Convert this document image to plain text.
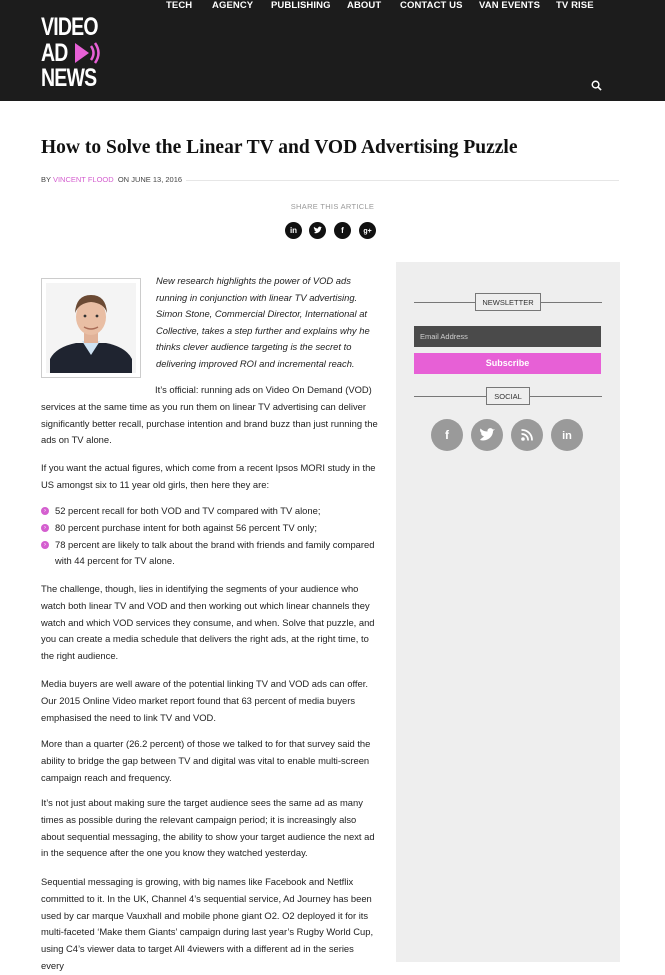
VIDEO
AD
NEWS
TECH AGENCY PUBLISHING ABOUT CONTACT US VAN EVENTS TV RISE
How to Solve the Linear TV and VOD Advertising Puzzle
BY VINCENT FLOOD ON JUNE 13, 2016
SHARE THIS ARTICLE
in	f	g+
New research highlights the power of VOD ads running in conjunction with linear TV advertising. Simon Stone, Commercial Director, International at Collective, takes a step further and explains why he thinks clever audience targeting is the secret to delivering improved ROI and incremental reach.
It’s official: running ads on Video On Demand (VOD) services at the same time as you run them on linear TV advertising can deliver significantly better recall, purchase intention and brand buzz than just running the ads on TV alone.
If you want the actual figures, which come from a recent Ipsos MORI study in the US amongst six to 11 year old girls, then here they are:
› 52 percent recall for both VOD and TV compared with TV alone;
› 80 percent purchase intent for both against 56 percent TV only;
› 78 percent are likely to talk about the brand with friends and family compared with 44 percent for TV alone.
The challenge, though, lies in identifying the segments of your audience who watch both linear TV and VOD and then working out which linear channels they watch and which VOD services they consume, and when. Solve that puzzle, and you can create a media schedule that delivers the right ads, at the right time, to the right audience.
Media buyers are well aware of the potential linking TV and VOD ads can offer. Our 2015 Online Video market report found that 63 percent of media buyers emphasised the need to link TV and VOD.
More than a quarter (26.2 percent) of those we talked to for that survey said the ability to bridge the gap between TV and digital was vital to enable multi-screen campaign reach and frequency.
It’s not just about making sure the target audience sees the same ad as many times as possible during the relevant campaign period; it is increasingly also about sequential messaging, the ability to show your target audience the next ad in the sequence after the one you know they watched yesterday.
Sequential messaging is growing, with big names like Facebook and Netflix committed to it. In the UK, Channel 4’s sequential service, Ad Journey has been used by car marque Vauxhall and mobile phone giant O2. O2 deployed it for its multi-faceted ‘Make them Giants’ campaign during last year’s Rugby World Cup, using C4’s viewer data to target All 4viewers with a different ad in the series every
NEWSLETTER
Email Address
Subscribe
SOCIAL
f	in
